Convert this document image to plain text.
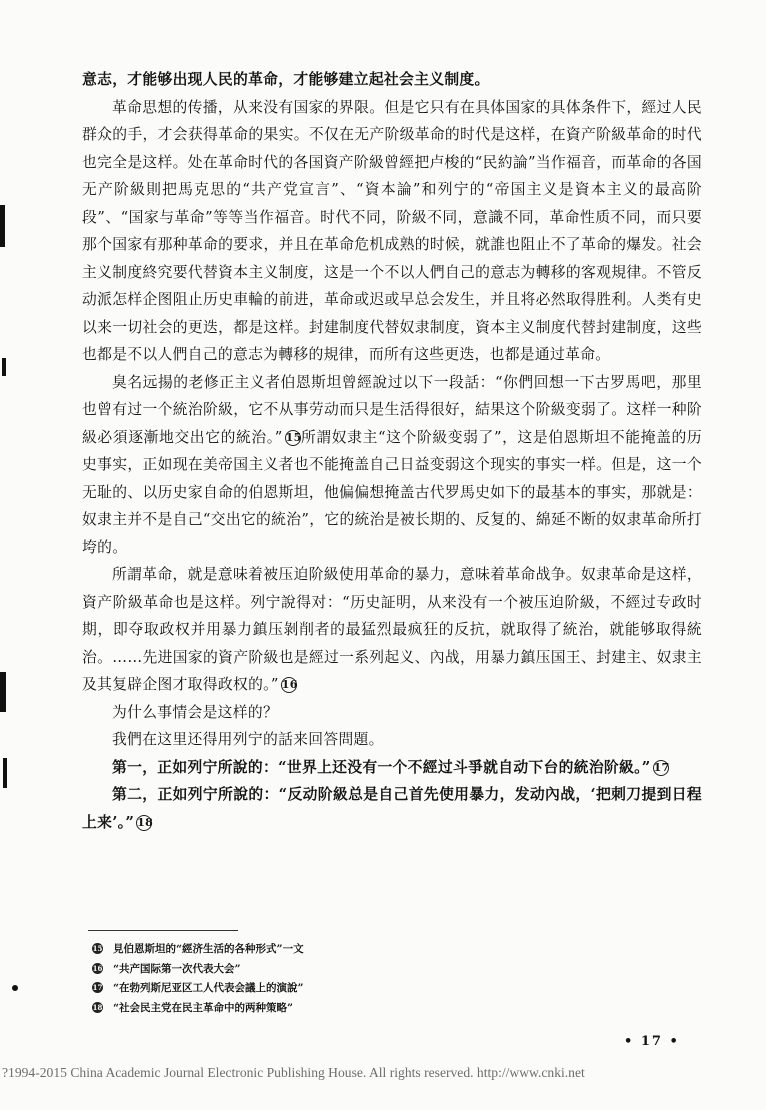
意志，才能够出现人民的革命，才能够建立起社会主义制度。

革命思想的传播，从来没有国家的界限。但是它只有在具体国家的具体条件下，經过人民群众的手，才会获得革命的果实。不仅在无产阶级革命的时代是这样，在資产阶級革命的时代也完全是这样。处在革命时代的各国資产阶級曾經把卢梭的“民約論”当作福音，而革命的各国无产阶級則把馬克思的“共产党宣言”、“資本論”和列宁的“帝国主义是資本主义的最高阶段”、“国家与革命”等等当作福音。时代不同，阶級不同，意識不同，革命性质不同，而只要那个国家有那种革命的要求，并且在革命危机成熟的时候，就誰也阻止不了革命的爆发。社会主义制度終究要代替資本主义制度，这是一个不以人們自己的意志为轉移的客观規律。不管反动派怎样企图阻止历史車輪的前进，革命或迟或早总会发生，并且将必然取得胜利。人类有史以来一切社会的更迭，都是这样。封建制度代替奴隶制度，資本主义制度代替封建制度，这些也都是不以人們自己的意志为轉移的規律，而所有这些更迭，也都是通过革命。

臭名远揚的老修正主义者伯恩斯坦曾經說过以下一段話：“你們回想一下古罗馬吧，那里也曾有过一个統治阶級，它不从事劳动而只是生活得很好，結果这个阶級变弱了。这样一种阶級必須逐漸地交出它的統治。” 15所謂奴隶主“这个阶級变弱了”，这是伯恩斯坦不能掩盖的历史事实，正如现在美帝国主义者也不能掩盖自己日益变弱这个现实的事实一样。但是，这一个无耻的、以历史家自命的伯恩斯坦，他偏偏想掩盖古代罗馬史如下的最基本的事实，那就是：奴隶主并不是自己“交出它的統治”，它的統治是被长期的、反复的、綿延不断的奴隶革命所打垮的。

所謂革命，就是意味着被压迫阶級使用革命的暴力，意味着革命战争。奴隶革命是这样，資产阶級革命也是这样。列宁說得对：“历史証明，从来没有一个被压迫阶級，不經过专政时期，即夺取政权并用暴力鎮压剝削者的最猛烈最疯狂的反抗，就取得了統治，就能够取得統治。……先进国家的資产阶級也是經过一系列起义、內战，用暴力鎮压国王、封建主、奴隶主及其复辟企图才取得政权的。” 16

为什么事情会是这样的？

我們在这里还得用列宁的話来回答問題。

第一，正如列宁所說的：“世界上还没有一个不經过斗爭就自动下台的統治阶級。” 17

第二，正如列宁所說的：“反动阶級总是自己首先使用暴力，发动內战，‘把刺刀提到日程上来’。” 18

15 見伯恩斯坦的“經济生活的各种形式”一文
16 “共产国际第一次代表大会”
17 “在勃列斯尼亚区工人代表会議上的演說”
18 “社会民主党在民主革命中的两种策略”
• 17 •
?1994-2015 China Academic Journal Electronic Publishing House. All rights reserved. http://www.cnki.net
